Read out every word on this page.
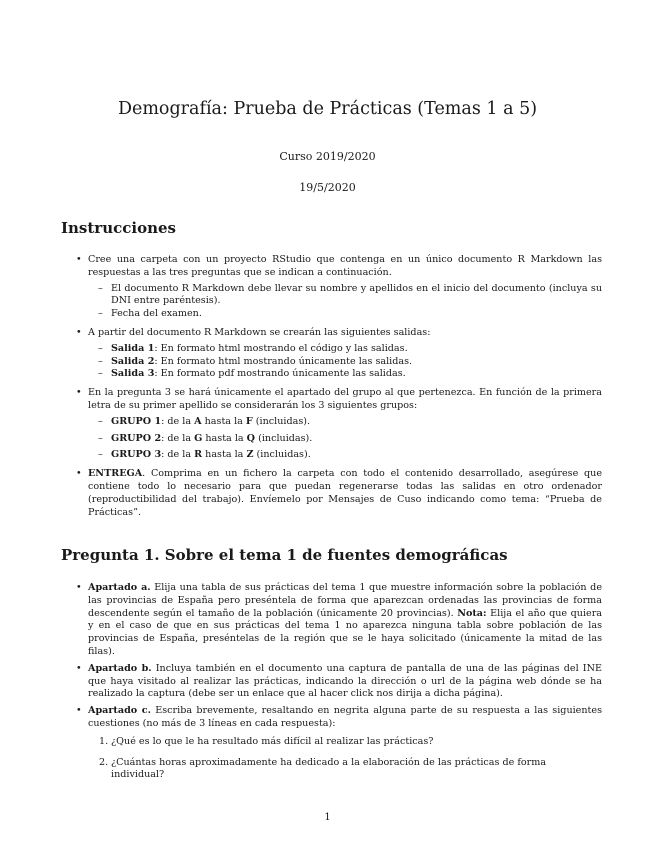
Demografía: Prueba de Prácticas (Temas 1 a 5)
Curso 2019/2020
19/5/2020
Instrucciones
• Cree una carpeta con un proyecto RStudio que contenga en un único documento R Markdown las respuestas a las tres preguntas que se indican a continuación.
– El documento R Markdown debe llevar su nombre y apellidos en el inicio del documento (incluya su DNI entre paréntesis).
– Fecha del examen.
• A partir del documento R Markdown se crearán las siguientes salidas:
– Salida 1: En formato html mostrando el código y las salidas.
– Salida 2: En formato html mostrando únicamente las salidas.
– Salida 3: En formato pdf mostrando únicamente las salidas.
• En la pregunta 3 se hará únicamente el apartado del grupo al que pertenezca. En función de la primera letra de su primer apellido se considerarán los 3 siguientes grupos:
– GRUPO 1: de la A hasta la F (incluidas).
– GRUPO 2: de la G hasta la Q (incluidas).
– GRUPO 3: de la R hasta la Z (incluidas).
• ENTREGA. Comprima en un fichero la carpeta con todo el contenido desarrollado, asegúrese que contiene todo lo necesario para que puedan regenerarse todas las salidas en otro ordenador (reproductibilidad del trabajo). Envíemelo por Mensajes de Cuso indicando como tema: “Prueba de Prácticas”.
Pregunta 1. Sobre el tema 1 de fuentes demográficas
• Apartado a. Elija una tabla de sus prácticas del tema 1 que muestre información sobre la población de las provincias de España pero preséntela de forma que aparezcan ordenadas las provincias de forma descendente según el tamaño de la población (únicamente 20 provincias). Nota: Elija el año que quiera y en el caso de que en sus prácticas del tema 1 no aparezca ninguna tabla sobre población de las provincias de España, preséntelas de la región que se le haya solicitado (únicamente la mitad de las filas).
• Apartado b. Incluya también en el documento una captura de pantalla de una de las páginas del INE que haya visitado al realizar las prácticas, indicando la dirección o url de la página web dónde se ha realizado la captura (debe ser un enlace que al hacer click nos dirija a dicha página).
• Apartado c. Escriba brevemente, resaltando en negrita alguna parte de su respuesta a las siguientes cuestiones (no más de 3 líneas en cada respuesta):
1. ¿Qué es lo que le ha resultado más difícil al realizar las prácticas?
2. ¿Cuántas horas aproximadamente ha dedicado a la elaboración de las prácticas de forma individual?
1
